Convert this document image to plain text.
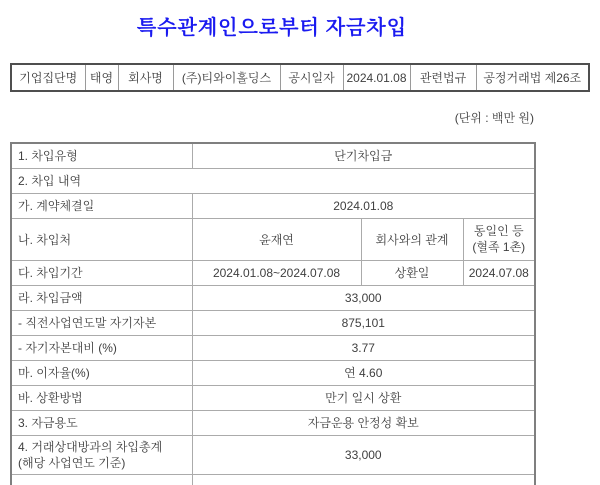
특수관계인으로부터 자금차입
기업집단명	태영	회사명	(주)티와이홀딩스	공시일자	2024.01.08	관련법규	공정거래법 제26조
(단위 : 백만 원)
1. 차입유형	단기차입금		
2. 차입 내역			
가. 계약체결일	2024.01.08		
나. 차입처	윤재연	회사와의 관계	동일인 등
(혈족 1촌)

다. 차입기간	2024.01.08~2024.07.08	상환일	2024.07.08
라. 차입금액	33,000		
- 직전사업연도말 자기자본	875,101		
- 자기자본대비 (%)	3.77		
마. 이자율(%)	연 4.60		
바. 상환방법	만기 일시 상환		
3. 자금용도	자금운용 안정성 확보		

4. 거래상대방과의 차입총계
(해당 사업연도 기준)	33,000		
